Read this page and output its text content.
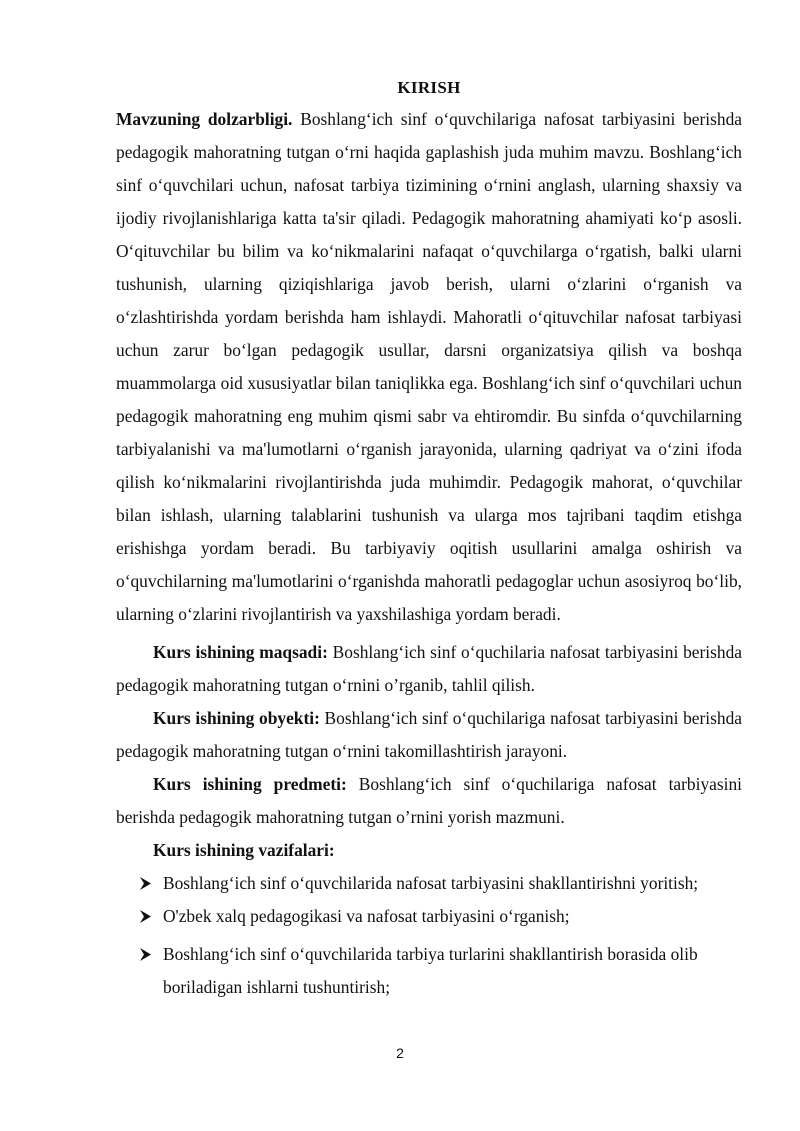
KIRISH

Mavzuning dolzarbligi. Boshlang‘ich sinf o‘quvchilariga nafosat tarbiyasini berishda pedagogik mahoratning tutgan o‘rni haqida gaplashish juda muhim mavzu. Boshlang‘ich sinf o‘quvchilari uchun, nafosat tarbiya tizimining o‘rnini anglash, ularning shaxsiy va ijodiy rivojlanishlariga katta ta'sir qiladi. Pedagogik mahoratning ahamiyati ko‘p asosli. O‘qituvchilar bu bilim va ko‘nikmalarini nafaqat o‘quvchilarga o‘rgatish, balki ularni tushunish, ularning qiziqishlariga javob berish, ularni o‘zlarini o‘rganish va o‘zlashtirishda yordam berishda ham ishlaydi. Mahoratli o‘qituvchilar nafosat tarbiyasi uchun zarur bo‘lgan pedagogik usullar, darsni organizatsiya qilish va boshqa muammolarga oid xususiyatlar bilan taniqlikka ega. Boshlang‘ich sinf o‘quvchilari uchun pedagogik mahoratning eng muhim qismi sabr va ehtiromdir. Bu sinfda o‘quvchilarning tarbiyalanishi va ma'lumotlarni o‘rganish jarayonida, ularning qadriyat va o‘zini ifoda qilish ko‘nikmalarini rivojlantirishda juda muhimdir. Pedagogik mahorat, o‘quvchilar bilan ishlash, ularning talablarini tushunish va ularga mos tajribani taqdim etishga erishishga yordam beradi. Bu tarbiyaviy oqitish usullarini amalga oshirish va o‘quvchilarning ma'lumotlarini o‘rganishda mahoratli pedagoglar uchun asosiyroq bo‘lib, ularning o‘zlarini rivojlantirish va yaxshilashiga yordam beradi.

Kurs ishining maqsadi: Boshlang‘ich sinf o‘quchilaria nafosat tarbiyasini berishda pedagogik mahoratning tutgan o‘rnini o’rganib, tahlil qilish.

Kurs ishining obyekti: Boshlang‘ich sinf o‘quchilariga nafosat tarbiyasini berishda pedagogik mahoratning tutgan o‘rnini takomillashtirish jarayoni.

Kurs ishining predmeti: Boshlang‘ich sinf o‘quchilariga nafosat tarbiyasini berishda pedagogik mahoratning tutgan o’rnini yorish mazmuni.

Kurs ishining vazifalari:

Boshlang‘ich sinf o‘quvchilarida nafosat tarbiyasini shakllantirishni yoritish;
O'zbek xalq pedagogikasi va nafosat tarbiyasini o‘rganish;
Boshlang‘ich sinf o‘quvchilarida tarbiya turlarini shakllantirish borasida olib boriladigan ishlarni tushuntirish;
2
